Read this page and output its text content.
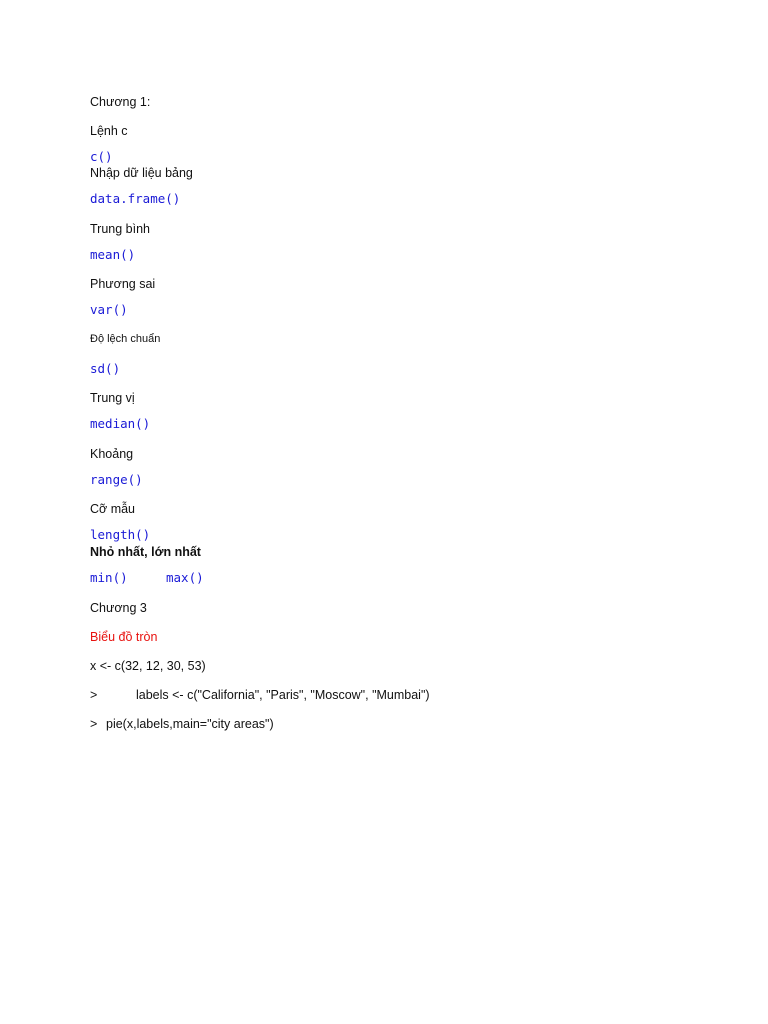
Chương 1:
Lệnh c
c()
Nhập dữ liệu bảng
data.frame()
Trung bình
mean()
Phương sai
var()
Độ lệch chuẩn
sd()
Trung vị
median()
Khoảng
range()
Cỡ mẫu
length()
Nhỏ nhất, lớn nhất
min()	max()
Chương 3
Biểu đồ tròn
x <- c(32, 12, 30, 53)
>	labels <- c("California", "Paris", "Moscow", "Mumbai")
> pie(x,labels,main="city areas")
